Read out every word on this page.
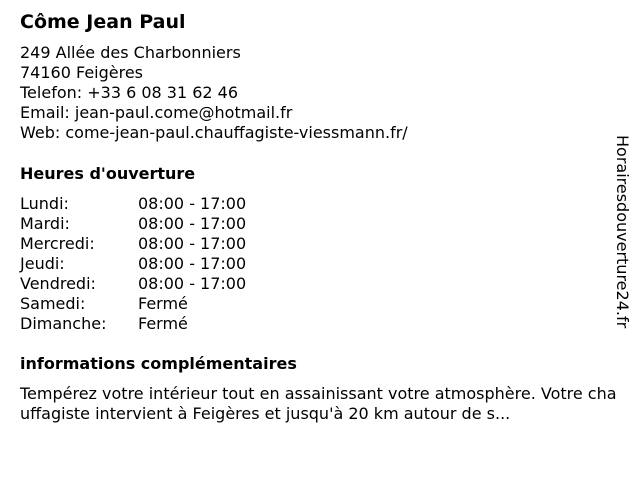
Côme Jean Paul
249 Allée des Charbonniers
74160 Feigères
Telefon: +33 6 08 31 62 46
Email: jean-paul.come@hotmail.fr
Web: come-jean-paul.chauffagiste-viessmann.fr/
Heures d'ouverture
Lundi:	08:00 - 17:00
Mardi:	08:00 - 17:00
Mercredi:	08:00 - 17:00
Jeudi:	08:00 - 17:00
Vendredi:	08:00 - 17:00
Samedi:	Fermé
Dimanche:	Fermé
informations complémentaires
Tempérez votre intérieur tout en assainissant votre atmosphère. Votre chauffagiste intervient à Feigères et jusqu'à 20 km autour de s...
Horairesdouverture24.fr
